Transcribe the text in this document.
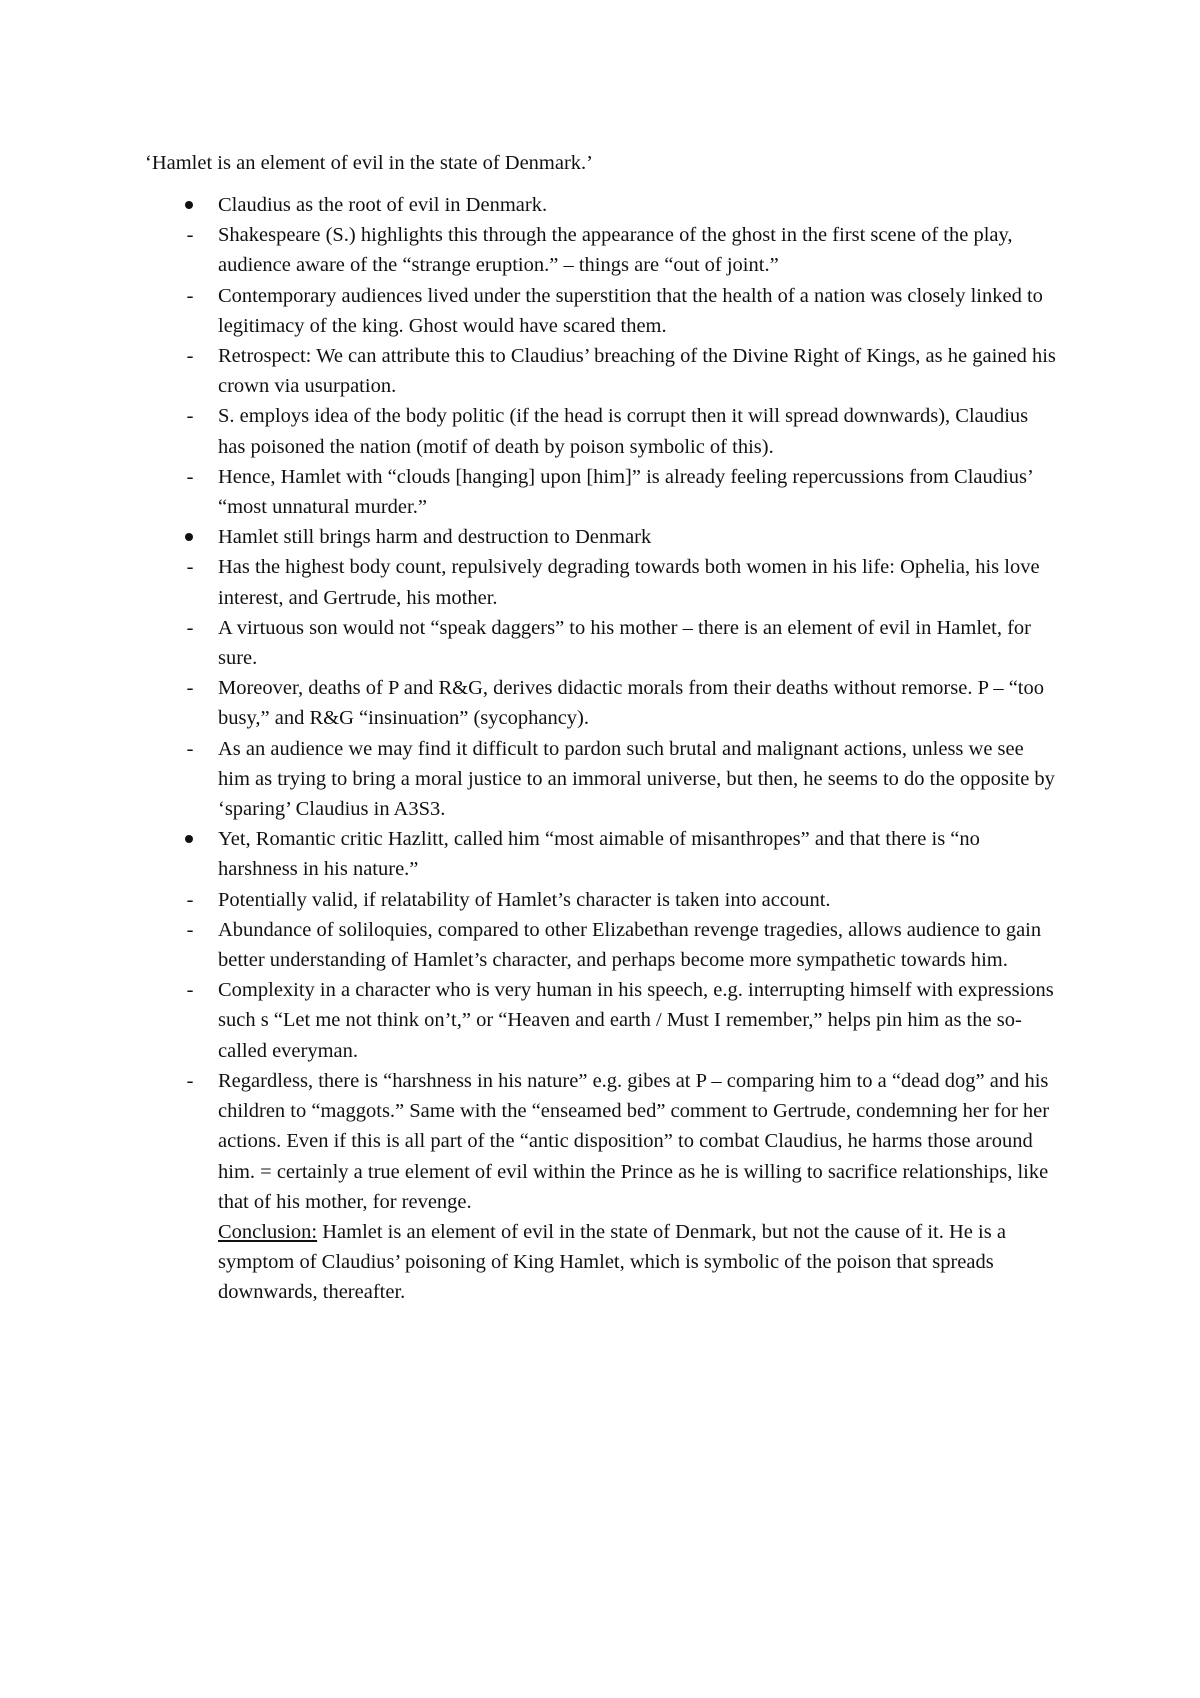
‘Hamlet is an element of evil in the state of Denmark.’
Claudius as the root of evil in Denmark.
-
Shakespeare (S.) highlights this through the appearance of the ghost in the first scene of the play, audience aware of the “strange eruption.” – things are “out of joint.”
-
Contemporary audiences lived under the superstition that the health of a nation was closely linked to legitimacy of the king. Ghost would have scared them.
-
Retrospect: We can attribute this to Claudius’ breaching of the Divine Right of Kings, as he gained his crown via usurpation.
-
S. employs idea of the body politic (if the head is corrupt then it will spread downwards), Claudius has poisoned the nation (motif of death by poison symbolic of this).
-
Hence, Hamlet with “clouds [hanging] upon [him]” is already feeling repercussions from Claudius’ “most unnatural murder.”
Hamlet still brings harm and destruction to Denmark
-
Has the highest body count, repulsively degrading towards both women in his life: Ophelia, his love interest, and Gertrude, his mother.
-
A virtuous son would not “speak daggers” to his mother – there is an element of evil in Hamlet, for sure.
-
Moreover, deaths of P and R&G, derives didactic morals from their deaths without remorse. P – “too busy,” and R&G “insinuation” (sycophancy).
-
As an audience we may find it difficult to pardon such brutal and malignant actions, unless we see him as trying to bring a moral justice to an immoral universe, but then, he seems to do the opposite by ‘sparing’ Claudius in A3S3.
Yet, Romantic critic Hazlitt, called him “most aimable of misanthropes” and that there is “no harshness in his nature.”
-
Potentially valid, if relatability of Hamlet’s character is taken into account.
-
Abundance of soliloquies, compared to other Elizabethan revenge tragedies, allows audience to gain better understanding of Hamlet’s character, and perhaps become more sympathetic towards him.
-
Complexity in a character who is very human in his speech, e.g. interrupting himself with expressions such s “Let me not think on’t,” or “Heaven and earth / Must I remember,” helps pin him as the so-called everyman.
-
Regardless, there is “harshness in his nature” e.g. gibes at P – comparing him to a “dead dog” and his children to “maggots.” Same with the “enseamed bed” comment to Gertrude, condemning her for her actions. Even if this is all part of the “antic disposition” to combat Claudius, he harms those around him. = certainly a true element of evil within the Prince as he is willing to sacrifice relationships, like that of his mother, for revenge.
Conclusion: Hamlet is an element of evil in the state of Denmark, but not the cause of it. He is a symptom of Claudius’ poisoning of King Hamlet, which is symbolic of the poison that spreads downwards, thereafter.
